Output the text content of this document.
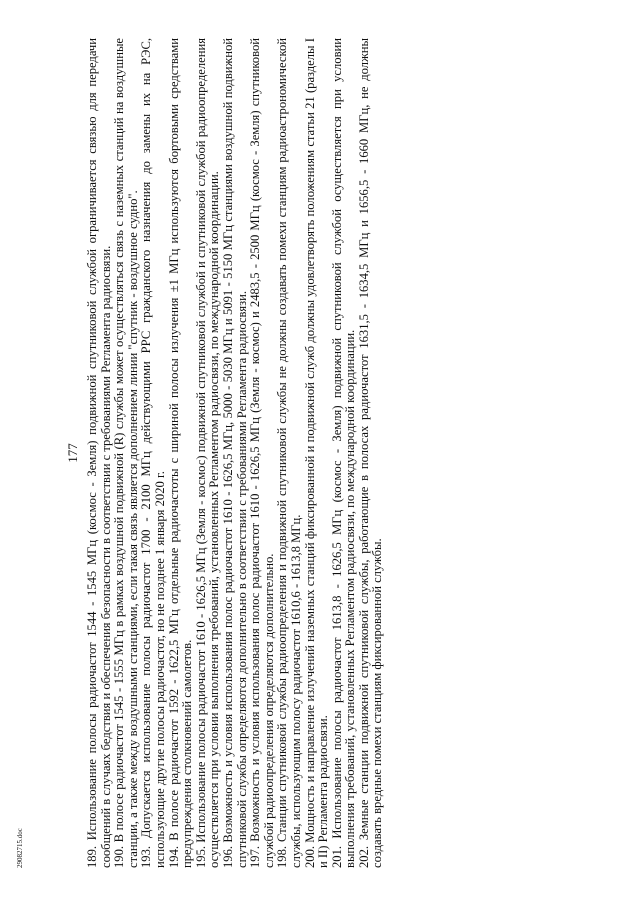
177 189. Использование полосы радиочастот 1544 - 1545 МГц (космос - Земля) подвижной спутниковой службой ограничивается связью для передачи сообщений в случаях бедствия и обеспечения безопасности в соответствии с требованиями Регламента радиосвязи. 190. В полосе радиочастот 1545 - 1555 МГц в рамках воздушной подвижной (R) службы может осуществляться связь с наземных станций на воздушные станции, а также между воздушными станциями, если такая связь является дополнением линии "спутник - воздушное судно". 193. Допускается использование полосы радиочастот 1700 - 2100 МГц действующими РРС гражданского назначения до замены их на РЭС, использующие другие полосы радиочастот, но не позднее 1 января 2020 г. 194. В полосе радиочастот 1592 - 1622,5 МГц отдельные радиочастоты с шириной полосы излучения ±1 МГц используются бортовыми средствами предупреждения столкновений самолетов. 195. Использование полосы радиочастот 1610 - 1626,5 МГц (Земля - космос) подвижной спутниковой службой и спутниковой службой радиоопределения осуществляется при условии выполнения требований, установленных Регламентом радиосвязи, по международной координации. 196. Возможность и условия использования полос радиочастот 1610 - 1626,5 МГц, 5000 - 5030 МГц и 5091 - 5150 МГц станциями воздушной подвижной спутниковой службы определяются дополнительно в соответствии с требованиями Регламента радиосвязи. 197. Возможность и условия использования полос радиочастот 1610 - 1626,5 МГц (Земля - космос) и 2483,5 - 2500 МГц (космос - Земля) спутниковой службой радиоопределения определяются дополнительно. 198. Станции спутниковой службы радиоопределения и подвижной спутниковой службы не должны создавать помехи станциям радиоастрономической службы, использующим полосу радиочастот 1610,6 - 1613,8 МГц. 200. Мощность и направление излучений наземных станций фиксированной и подвижной служб должны удовлетворять положениям статьи 21 (разделы I и II) Регламента радиосвязи. 201. Использование полосы радиочастот 1613,8 - 1626,5 МГц (космос - Земля) подвижной спутниковой службой осуществляется при условии выполнения требований, установленных Регламентом радиосвязи, по международной координации. 202. Земные станции подвижной спутниковой службы, работающие в полосах радиочастот 1631,5 - 1634,5 МГц и 1656,5 - 1660 МГц, не должны создавать вредные помехи станциям фиксированной службы.

29082715.doc
